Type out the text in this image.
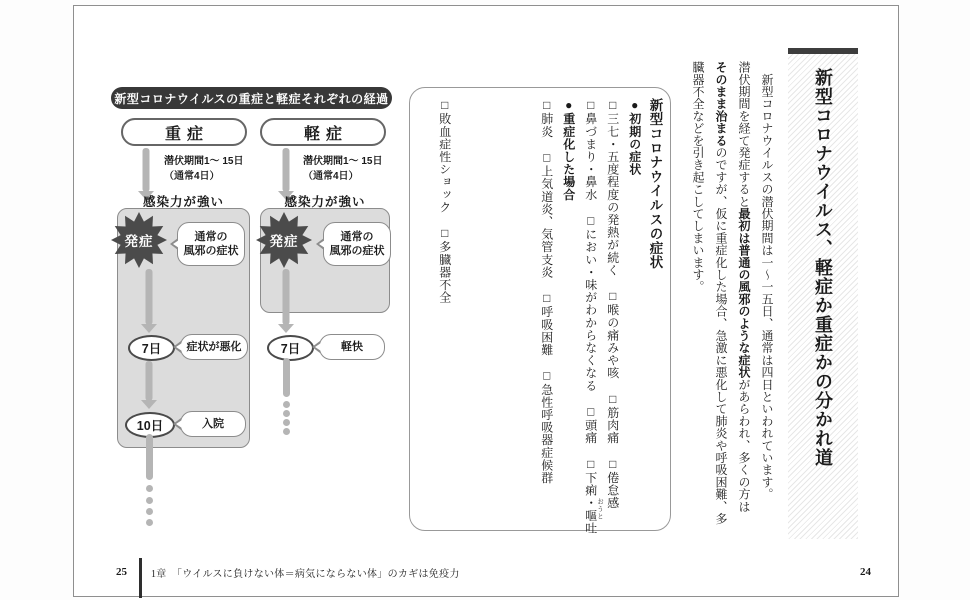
新型コロナウイルスの重症と軽症それぞれの経過
重症	軽症
潜伏期間1〜 15日
（通常4日）
潜伏期間1〜 15日
（通常4日）
感染力が強い	感染力が強い
発症	発症
通常の
風邪の症状
通常の
風邪の症状
7日	症状が悪化	7日	軽快
10日	入院
新型コロナウイルスの症状
●初期の症状
□三七・五度程度の発熱が続く　□喉の痛みや咳　□筋肉痛　□倦怠感
□鼻づまり・鼻水　□におい・味がわからなくなる　□頭痛　□下痢・嘔吐
おうと
●重症化した場合
□肺炎　□上気道炎、気管支炎　□呼吸困難　□急性呼吸器症候群
□敗血症性ショック　□多臓器不全	新型コロナウイルス、軽症か重症かの分かれ道
　新型コロナウイルスの潜伏期間は一〜一五日、通常は四日といわれています。
潜伏期間を経て発症すると最初は普通の風邪のような症状があらわれ、多くの方は
そのまま治まるのですが、仮に重症化した場合、急激に悪化して肺炎や呼吸困難、多
臓器不全などを引き起こしてしまいます。
25 1章　「ウイルスに負けない体＝病気にならない体」のカギは免疫力	24
